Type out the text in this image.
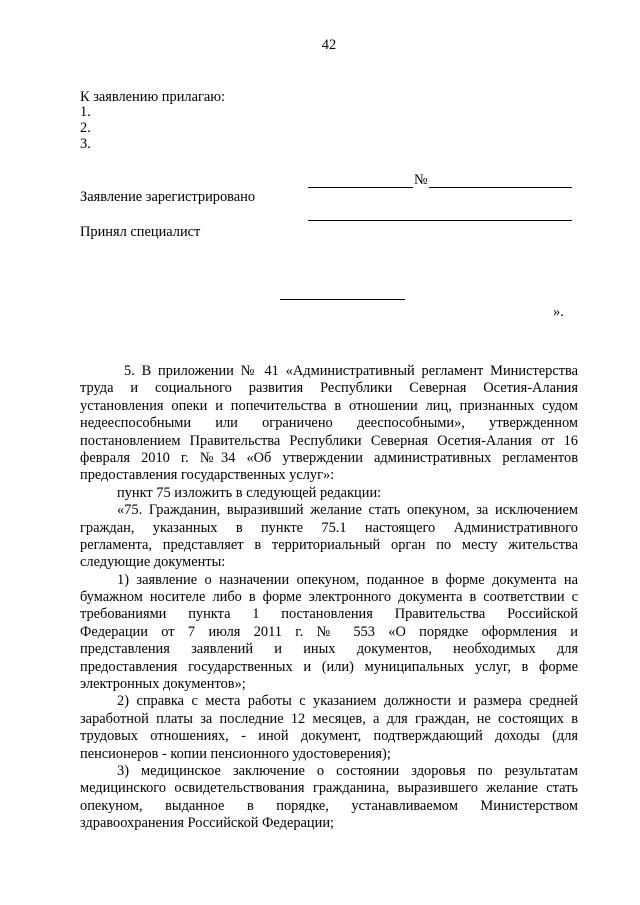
42
К заявлению прилагаю:
1.
2.
3.
№
Заявление зарегистрировано
Принял специалист
».
5. В приложении № 41 «Административный регламент Министерства
труда и социального развития Республики Северная Осетия-Алания
установления опеки и попечительства в отношении лиц, признанных судом
недееспособными или ограничено дееспособными», утвержденном
постановлением Правительства Республики Северная Осетия-Алания от 16
февраля 2010 г. №34 «Об утверждении административных регламентов
предоставления государственных услуг»:
пункт 75 изложить в следующей редакции:
«75. Гражданин, выразивший желание стать опекуном, за исключением
граждан, указанных в пункте 75.1 настоящего Административного
регламента, представляет в территориальный орган по месту жительства
следующие документы:
1) заявление о назначении опекуном, поданное в форме документа на
бумажном носителе либо в форме электронного документа в соответствии с
требованиями пункта 1 постановления Правительства Российской
Федерации от 7 июля 2011 г. № 553 «О порядке оформления и
представления заявлений и иных документов, необходимых для
предоставления государственных и (или) муниципальных услуг, в форме
электронных документов»;
2) справка с места работы с указанием должности и размера средней
заработной платы за последние 12 месяцев, а для граждан, не состоящих в
трудовых отношениях, - иной документ, подтверждающий доходы (для
пенсионеров - копии пенсионного удостоверения);
3) медицинское заключение о состоянии здоровья по результатам
медицинского освидетельствования гражданина, выразившего желание стать
опекуном, выданное в порядке, устанавливаемом Министерством
здравоохранения Российской Федерации;
